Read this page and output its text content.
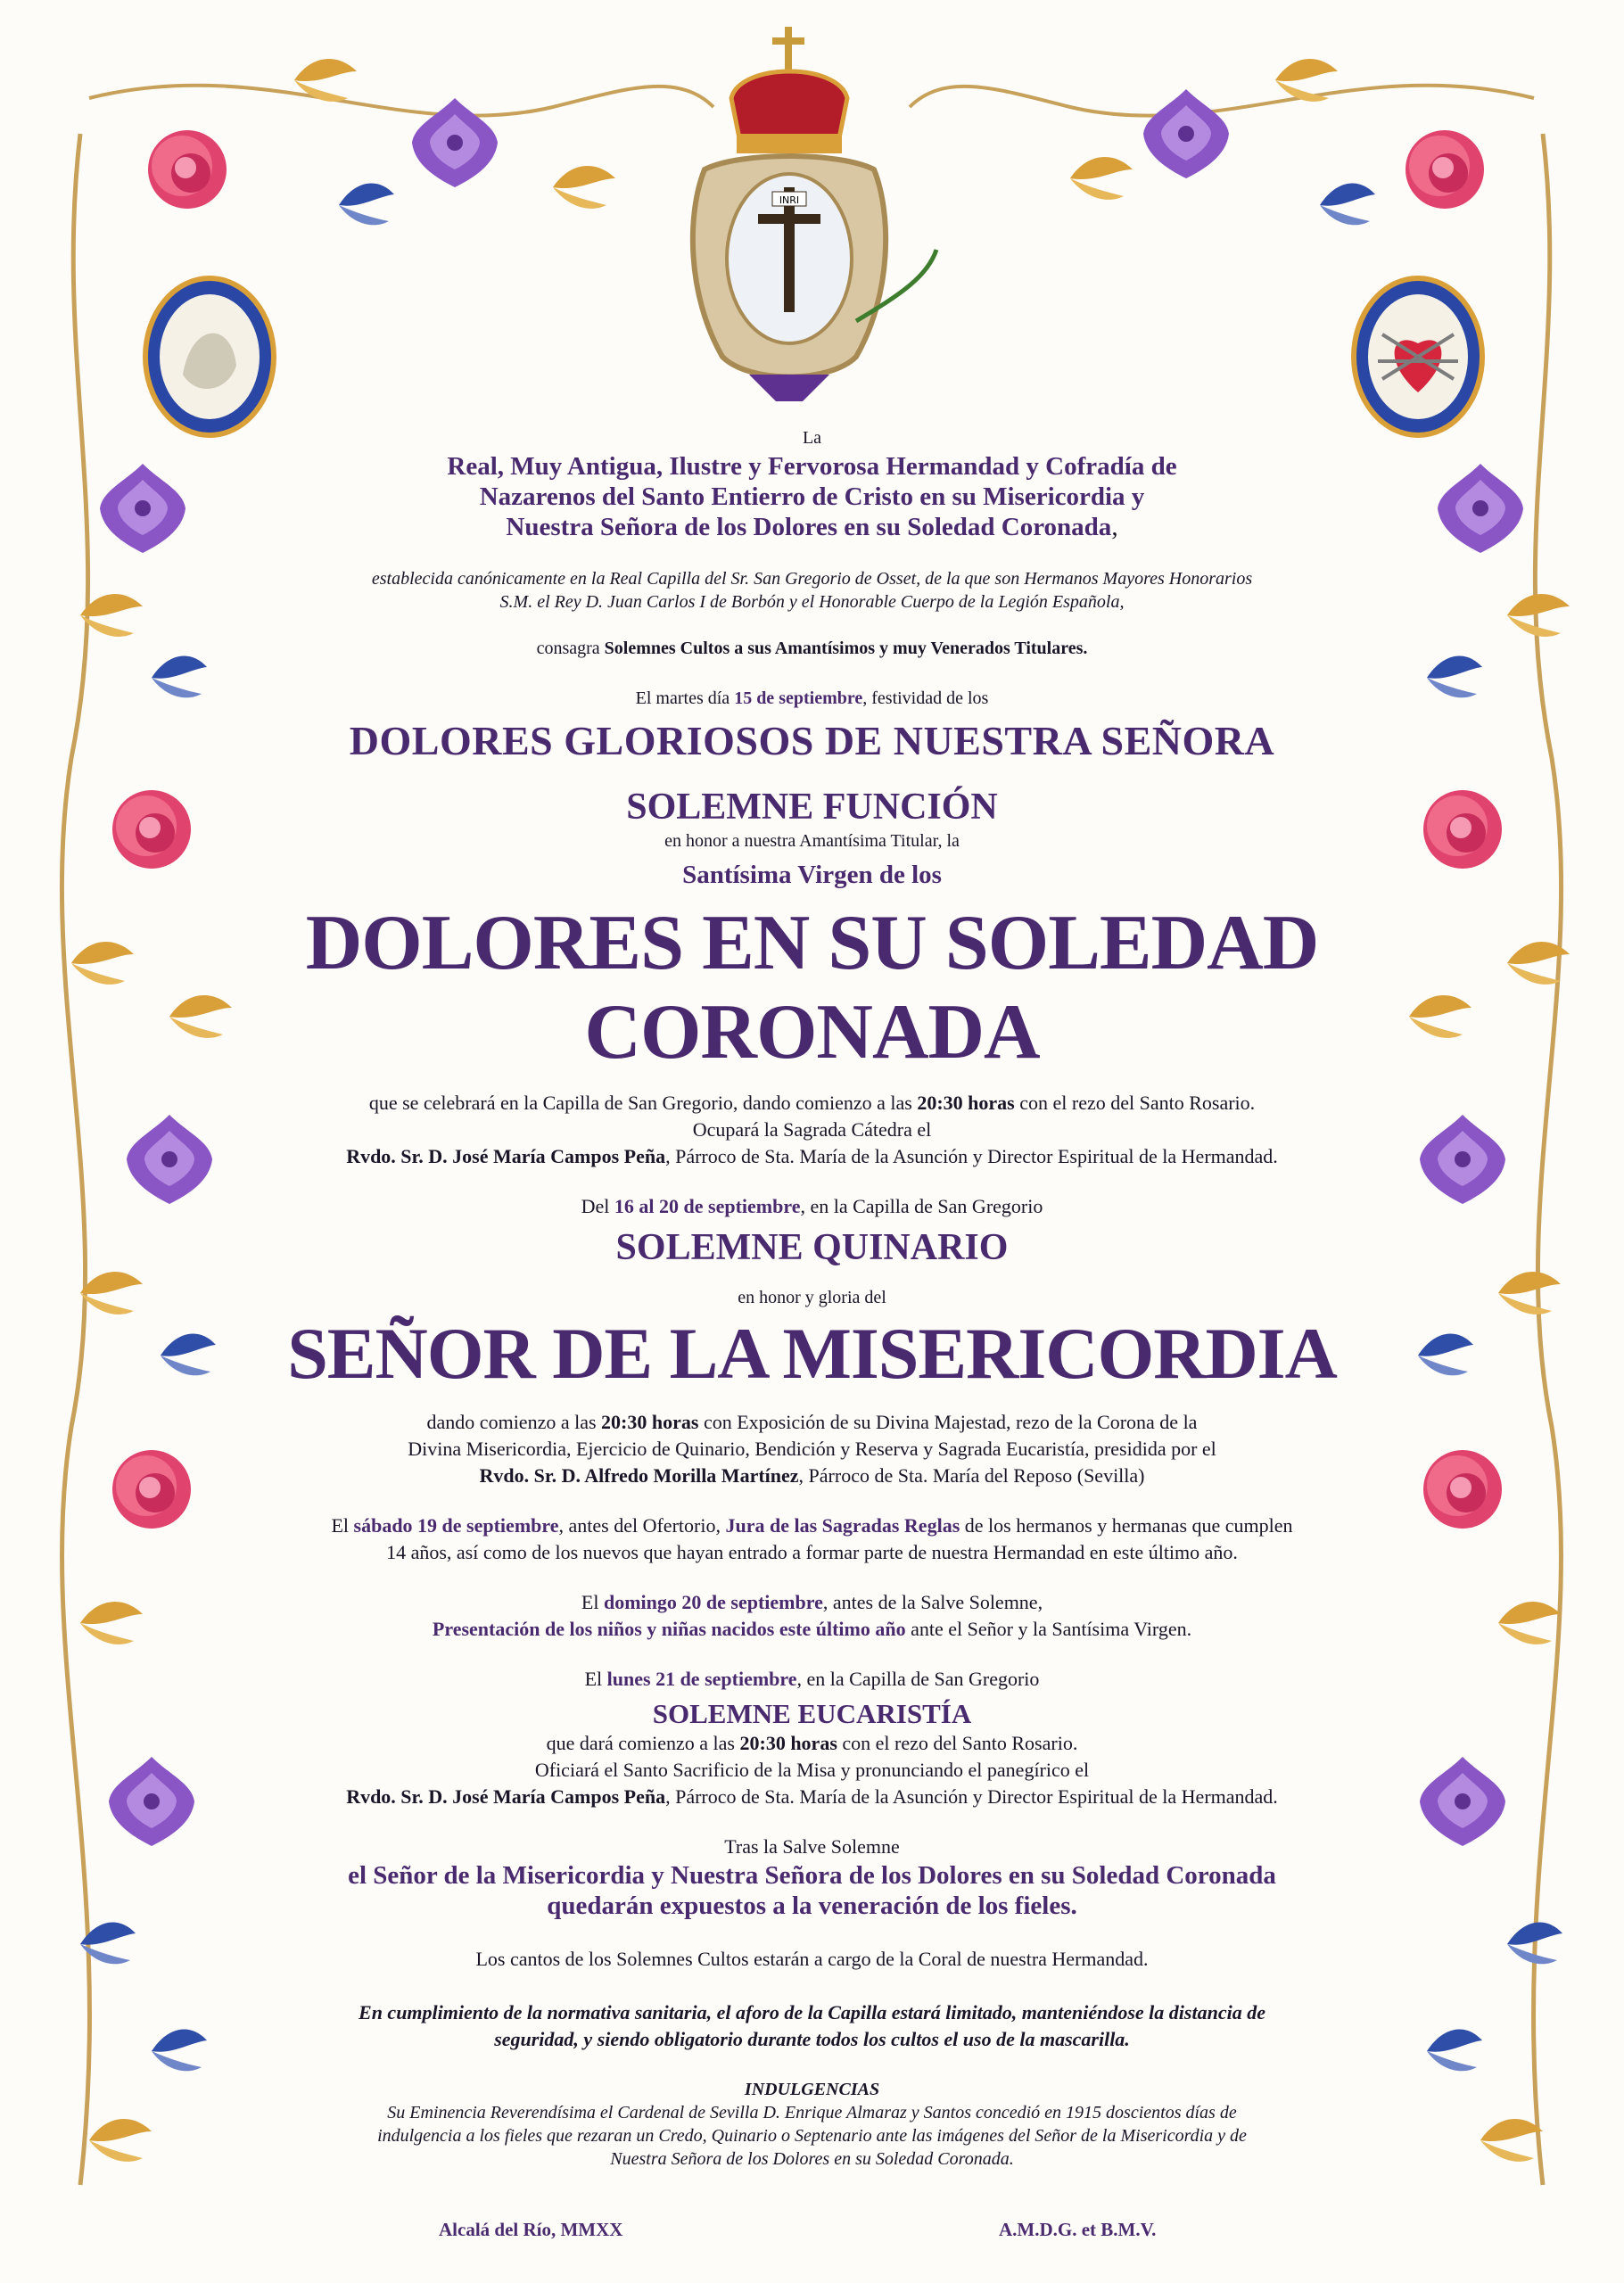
INRI
La
Real, Muy Antigua, Ilustre y Fervorosa Hermandad y Cofradía de
Nazarenos del Santo Entierro de Cristo en su Misericordia y
Nuestra Señora de los Dolores en su Soledad Coronada,
establecida canónicamente en la Real Capilla del Sr. San Gregorio de Osset, de la que son Hermanos Mayores Honorarios
S.M. el Rey D. Juan Carlos I de Borbón y el Honorable Cuerpo de la Legión Española,
consagra Solemnes Cultos a sus Amantísimos y muy Venerados Titulares.
El martes día 15 de septiembre, festividad de los
DOLORES GLORIOSOS DE NUESTRA SEÑORA
SOLEMNE FUNCIÓN
en honor a nuestra Amantísima Titular, la
Santísima Virgen de los
DOLORES EN SU SOLEDAD
CORONADA
que se celebrará en la Capilla de San Gregorio, dando comienzo a las 20:30 horas con el rezo del Santo Rosario.
Ocupará la Sagrada Cátedra el
Rvdo. Sr. D. José María Campos Peña, Párroco de Sta. María de la Asunción y Director Espiritual de la Hermandad.
Del 16 al 20 de septiembre, en la Capilla de San Gregorio
SOLEMNE QUINARIO
en honor y gloria del
SEÑOR DE LA MISERICORDIA
dando comienzo a las 20:30 horas con Exposición de su Divina Majestad, rezo de la Corona de la
Divina Misericordia, Ejercicio de Quinario, Bendición y Reserva y Sagrada Eucaristía, presidida por el
Rvdo. Sr. D. Alfredo Morilla Martínez, Párroco de Sta. María del Reposo (Sevilla)
El sábado 19 de septiembre, antes del Ofertorio, Jura de las Sagradas Reglas de los hermanos y hermanas que cumplen
14 años, así como de los nuevos que hayan entrado a formar parte de nuestra Hermandad en este último año.
El domingo 20 de septiembre, antes de la Salve Solemne,
Presentación de los niños y niñas nacidos este último año ante el Señor y la Santísima Virgen.
El lunes 21 de septiembre, en la Capilla de San Gregorio
SOLEMNE EUCARISTÍA
que dará comienzo a las 20:30 horas con el rezo del Santo Rosario.
Oficiará el Santo Sacrificio de la Misa y pronunciando el panegírico el
Rvdo. Sr. D. José María Campos Peña, Párroco de Sta. María de la Asunción y Director Espiritual de la Hermandad.
Tras la Salve Solemne
el Señor de la Misericordia y Nuestra Señora de los Dolores en su Soledad Coronada
quedarán expuestos a la veneración de los fieles.
Los cantos de los Solemnes Cultos estarán a cargo de la Coral de nuestra Hermandad.
En cumplimiento de la normativa sanitaria, el aforo de la Capilla estará limitado, manteniéndose la distancia de
seguridad, y siendo obligatorio durante todos los cultos el uso de la mascarilla.
INDULGENCIAS
Su Eminencia Reverendísima el Cardenal de Sevilla D. Enrique Almaraz y Santos concedió en 1915 doscientos días de
indulgencia a los fieles que rezaran un Credo, Quinario o Septenario ante las imágenes del Señor de la Misericordia y de
Nuestra Señora de los Dolores en su Soledad Coronada.
Alcalá del Río, MMXX	A.M.D.G. et B.M.V.
